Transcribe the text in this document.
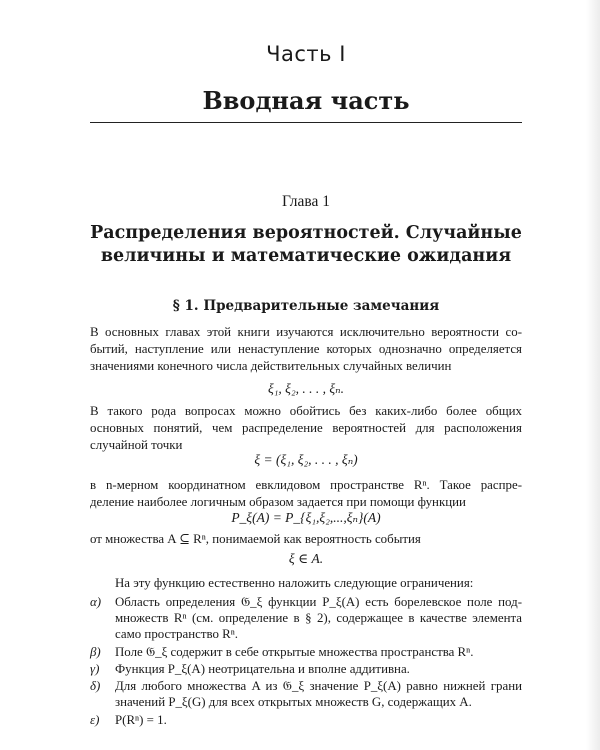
Часть I
Вводная часть
Глава 1
Распределения вероятностей. Случайные
величины и математические ожидания
§ 1. Предварительные замечания
В основных главах этой книги изучаются исключительно вероятности со-
бытий, наступление или ненаступление которых однозначно определяется
значениями конечного числа действительных случайных величин
ξ₁, ξ₂, . . . , ξₙ.
В такого рода вопросах можно обойтись без каких-либо более общих
основных понятий, чем распределение вероятностей для расположения
случайной точки
ξ = (ξ₁, ξ₂, . . . , ξₙ)
в n-мерном координатном евклидовом пространстве Rⁿ. Такое распре-
деление наиболее логичным образом задается при помощи функции
P_ξ(A) = P_{ξ₁,ξ₂,...,ξₙ}(A)
от множества A ⊆ Rⁿ, понимаемой как вероятность события
ξ ∈ A.
На эту функцию естественно наложить следующие ограничения:
α) Область определения 𝔊_ξ функции P_ξ(A) есть борелевское поле под-
множеств Rⁿ (см. определение в § 2), содержащее в качестве элемента
само пространство Rⁿ.
β) Поле 𝔊_ξ содержит в себе открытые множества пространства Rⁿ.
γ) Функция P_ξ(A) неотрицательна и вполне аддитивна.
δ) Для любого множества A из 𝔊_ξ значение P_ξ(A) равно нижней грани
значений P_ξ(G) для всех открытых множеств G, содержащих A.
ε) P(Rⁿ) = 1.
